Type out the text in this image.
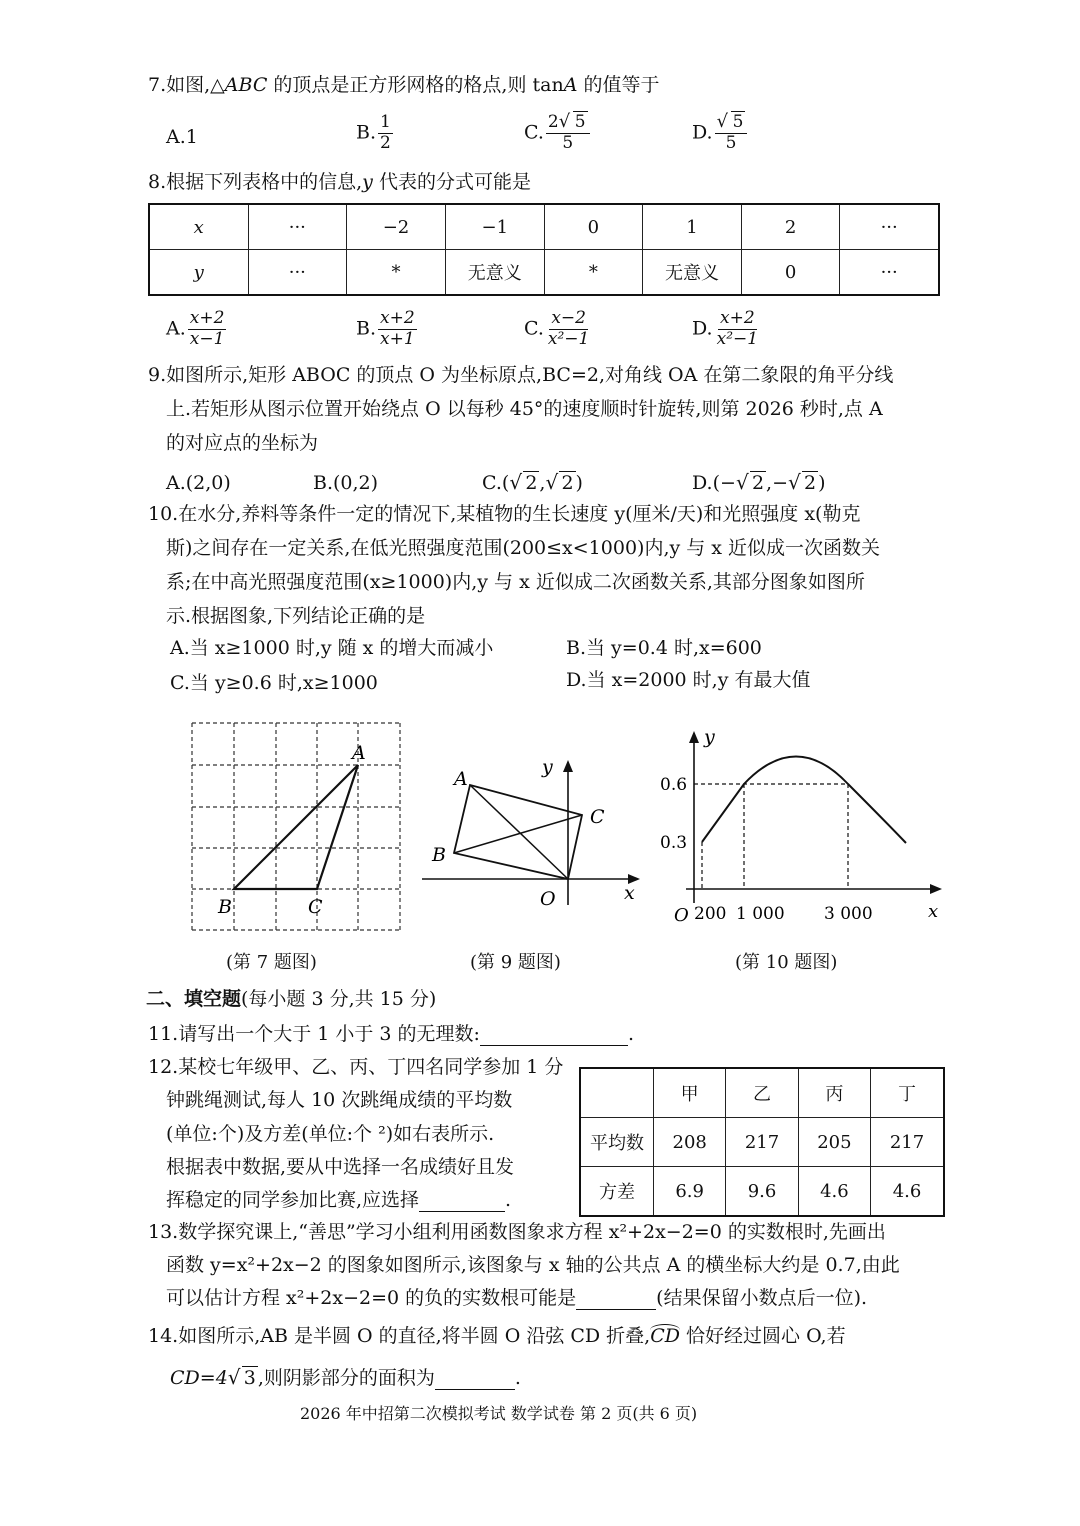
7.如图,△ABC 的顶点是正方形网格的格点,则 tanA 的值等于
A.1	B. $\frac{1}{2}$	C. $\frac{2 √ 5}{5}$	D. √ $\frac{5}{5}$
8.根据下列表格中的信息,y 代表的分式可能是
x	···	−2	−1	0	1	2	···
y	···	*	无意义	*	无意义	0	···
A. $\frac{x+2}{x-1}$	B. $\frac{x+2}{x+1}$	C. $\frac{x-2}{\text{x²−1}}$	D. $\frac{x+2}{\text{x²−1}}$
9.如图所示,矩形 ABOC 的顶点 O 为坐标原点,BC=2,对角线 OA 在第二象限的角平分线
上.若矩形从图示位置开始绕点 O 以每秒 45°的速度顺时针旋转,则第 2026 秒时,点 A
的对应点的坐标为
A.(2,0)	B.(0,2)	C.( √ 2 , √ 2 )	D.(− √ 2 ,− √ 2 )
10.在水分,养料等条件一定的情况下,某植物的生长速度 y(厘米/天)和光照强度 x(勒克
斯)之间存在一定关系,在低光照强度范围(200≤x<1000)内,y 与 x 近似成一次函数关
系;在中高光照强度范围(x≥1000)内,y 与 x 近似成二次函数关系,其部分图象如图所
示.根据图象,下列结论正确的是
A.当 x≥1000 时,y 随 x 的增大而减小	B.当 y=0.4 时,x=600
C.当 y≥0.6 时,x≥1000	D.当 x=2000 时,y 有最大值
A
B	C
(第 7 题图)
A
B
C
O	x
y
(第 9 题图)
y
x
O
0.6
0.3
200 1 000 3 000
(第 10 题图)
二、填空题(每小题 3 分,共 15 分)
11.请写出一个大于 1 小于 3 的无理数:	.
12.某校七年级甲、乙、丙、丁四名同学参加 1 分
钟跳绳测试,每人 10 次跳绳成绩的平均数
(单位:个)及方差(单位:个 ²)如右表所示.
根据表中数据,要从中选择一名成绩好且发
挥稳定的同学参加比赛,应选择	.
	甲	乙	丙	丁
平均数	208	217	205	217
方差	6.9	9.6	4.6	4.6
13.数学探究课上,“善思”学习小组利用函数图象求方程 x²+2x−2=0 的实数根时,先画出
函数 y=x²+2x−2 的图象如图所示,该图象与 x 轴的公共点 A 的横坐标大约是 0.7,由此
可以估计方程 x²+2x−2=0 的负的实数根可能是	(结果保留小数点后一位).
14.如图所示,AB 是半圆 O 的直径,将半圆 O 沿弦 CD 折叠,CD 恰好经过圆心 O,若
CD=4 √ 3 ,则阴影部分的面积为	.
2026 年中招第二次模拟考试 数学试卷 第 2 页(共 6 页)
